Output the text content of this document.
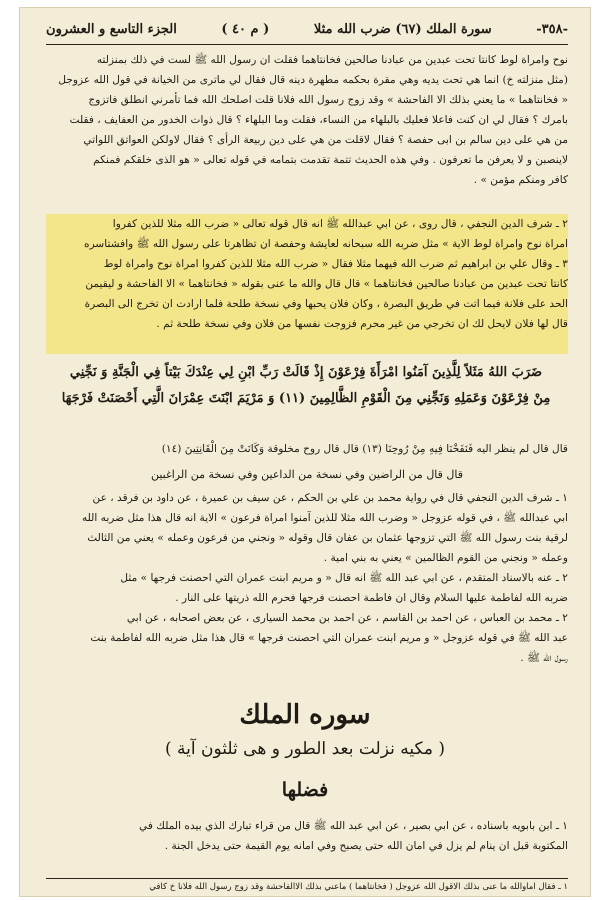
-٣٥٨-
سورة الملك (٦٧) ضرب الله مثلا
( م ٤٠ )
الجزء التاسع و العشرون

نوح وامراة لوط كانتا تحت عبدين من عبادنا صالحين فخانتاهما فقلت ان رسول الله ﷺ لست في ذلك بمنزلته

(مثل منزلته خ) انما هي تحت يديه وهي مقرة بحكمه مطهرة دينه قال فقال لي ماترى من الخيانة في قول الله عزوجل

« فخانتاهما » ما يعني بذلك الا الفاحشة » وقد زوج رسول الله فلانا قلت اصلحك الله فما تأمرني انطلق فاتزوج

بامرك ؟ فقال لي ان كنت فاعلا فعليك بالبلهاء من النساء، فقلت وما البلهاء ؟ قال ذوات الخدور من العفايف ، فقلت

من هي على دين سالم بن ابى حفصة ؟ فقال لاقلت من هي على دين ربيعة الرأى ؟ فقال لاولكن العواتق اللواتي

لاينصبن و لا يعرفن ما تعرفون . وفي هذه الحديث تتمة تقدمت بتمامه في قوله تعالى « هو الذى خلقكم فمنكم

كافر ومنكم مؤمن » .

٢ ـ شرف الدين النجفي ، قال روى ، عن ابي عبدالله ﷺ انه قال قوله تعالى « ضرب الله مثلا للذين كفروا

امراة نوح وامراة لوط الاية » مثل ضربه الله سبحانه لعايشة وحفصة ان تظاهرتا على رسول الله ﷺ وافشتاسره

٣ ـ وقال علي بن ابراهيم ثم ضرب الله فيهما مثلا فقال « ضرب الله مثلا للذين كفروا امراة نوح وامراة لوط

كانتا تحت عبدين من عبادنا صالحين فخانتاهما » قال قال والله ما عنى بقوله « فخانتاهما » الا الفاحشة و ليقيمن

الحد على فلانة فيما اتت في طريق البصرة ، وكان فلان يحبها وفي نسخة طلحة فلما ارادت ان تخرج الى البصرة

قال لها فلان لايحل لك ان تخرجي من غير محرم فزوجت نفسها من فلان وفي نسخة طلحة ثم .

ضَرَبَ اللهُ مَثَلاً لِلَّذِينَ آمَنُوا امْرَأَةَ فِرْعَوْنَ إِذْ قَالَتْ رَبِّ ابْنِ لِي عِنْدَكَ بَيْتاً فِي الْجَنَّةِ وَ نَجِّنِي
مِنْ فِرْعَوْنَ وَعَمَلِهِ وَنَجِّنِي مِنَ الْقَوْمِ الظَّالِمِينَ (١١) وَ مَرْيَمَ ابْنَتَ عِمْرَانَ الَّتِي أَحْصَنَتْ فَرْجَهَا
قال قال لم ينظر اليه فَنَفَخْنَا فِيهِ مِنْ رُوحِنَا (١٣) قال قال روح مخلوقة وَكَانَتْ مِنَ الْقَانِتِينَ (١٤)
قال قال من الراضين وفي نسخة من الداعين وفي نسخة من الراغبين

١ ـ شرف الدين النجفي قال في رواية محمد بن علي بن الحكم ، عن سيف بن عميرة ، عن داود بن فرقد ، عن

ابي عبدالله ﷺ ، في قوله عزوجل « وضرب الله مثلا للذين آمنوا امراة فرعون » الاية انه قال هذا مثل ضربه الله

لرقية بنت رسول الله ﷺ التي تزوجها عثمان بن عفان قال وقوله « ونجني من فرعون وعمله » يعني من الثالث

وعمله « ونجني من القوم الظالمين » يعني به بني امية .

٢ ـ عنه بالاسناد المتقدم ، عن ابي عبد الله ﷺ انه قال « و مريم ابنت عمران التي احصنت فرجها » مثل

ضربه الله لفاطمة عليها السلام وقال ان فاطمة احصنت فرجها فحرم الله ذريتها على النار .

٢ ـ محمد بن العباس ، عن احمد بن القاسم ، عن احمد بن محمد السيارى ، عن بعض اصحابه ، عن ابي

عبد الله ﷺ في قوله عزوجل « و مريم ابنت عمران التي احصنت فرجها » قال هذا مثل ضربه الله لفاطمة بنت

رسول الله ﷺ .

سوره الملك
( مكيه نزلت بعد الطور و هى ثلثون آية )
فضلها

١ ـ ابن بابويه باسناده ، عن ابي بصير ، عن ابي عبد الله ﷺ قال من قراء تبارك الذي بيده الملك في

المكتوبة قبل ان ينام لم يزل في امان الله حتى يصبح وفي امانه يوم القيمة حتى يدخل الجنة .

١ ـ فقال اماوالله ما عنى بذلك الاقول الله عزوجل ( فخانتاهما ) ماعني بذلك الاالفاحشة وقد زوج رسول الله فلانا خ كافي
